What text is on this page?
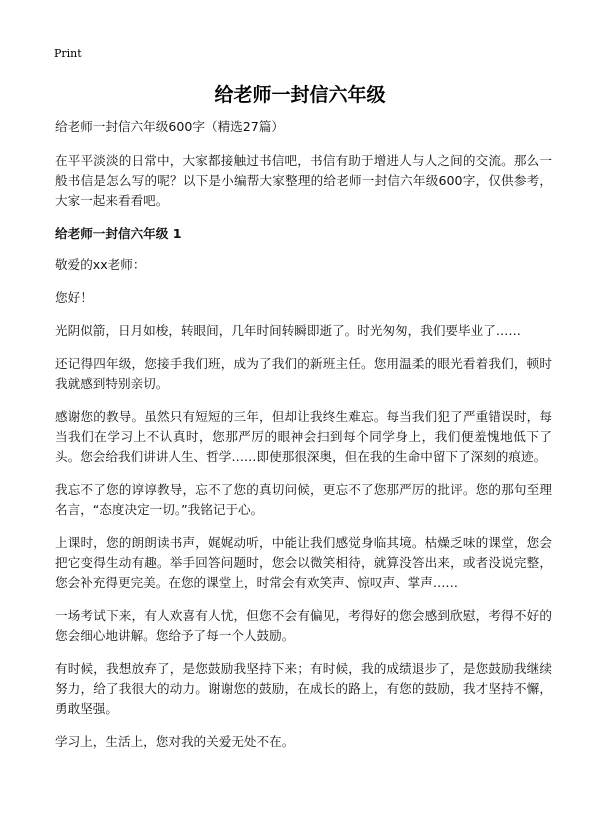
Print
给老师一封信六年级

给老师一封信六年级600字（精选27篇）

在平平淡淡的日常中，大家都接触过书信吧，书信有助于增进人与人之间的交流。那么一般书信是怎么写的呢？以下是小编帮大家整理的给老师一封信六年级600字，仅供参考，大家一起来看看吧。

给老师一封信六年级 1

敬爱的xx老师：

您好！

光阴似箭，日月如梭，转眼间，几年时间转瞬即逝了。时光匆匆，我们要毕业了……

还记得四年级，您接手我们班，成为了我们的新班主任。您用温柔的眼光看着我们，顿时我就感到特别亲切。

感谢您的教导。虽然只有短短的三年，但却让我终生难忘。每当我们犯了严重错误时，每当我们在学习上不认真时，您那严厉的眼神会扫到每个同学身上，我们便羞愧地低下了头。您会给我们讲讲人生、哲学……即使那很深奥，但在我的生命中留下了深刻的痕迹。

我忘不了您的谆谆教导，忘不了您的真切问候，更忘不了您那严厉的批评。您的那句至理名言，“态度决定一切。”我铭记于心。

上课时，您的朗朗读书声，娓娓动听，中能让我们感觉身临其境。枯燥乏味的课堂，您会把它变得生动有趣。举手回答问题时，您会以微笑相待，就算没答出来，或者没说完整，您会补充得更完美。在您的课堂上，时常会有欢笑声、惊叹声、掌声……

一场考试下来，有人欢喜有人忧，但您不会有偏见，考得好的您会感到欣慰，考得不好的您会细心地讲解。您给予了每一个人鼓励。

有时候，我想放弃了，是您鼓励我坚持下来；有时候，我的成绩退步了，是您鼓励我继续努力，给了我很大的动力。谢谢您的鼓励，在成长的路上，有您的鼓励，我才坚持不懈，勇敢坚强。

学习上，生活上，您对我的关爱无处不在。
